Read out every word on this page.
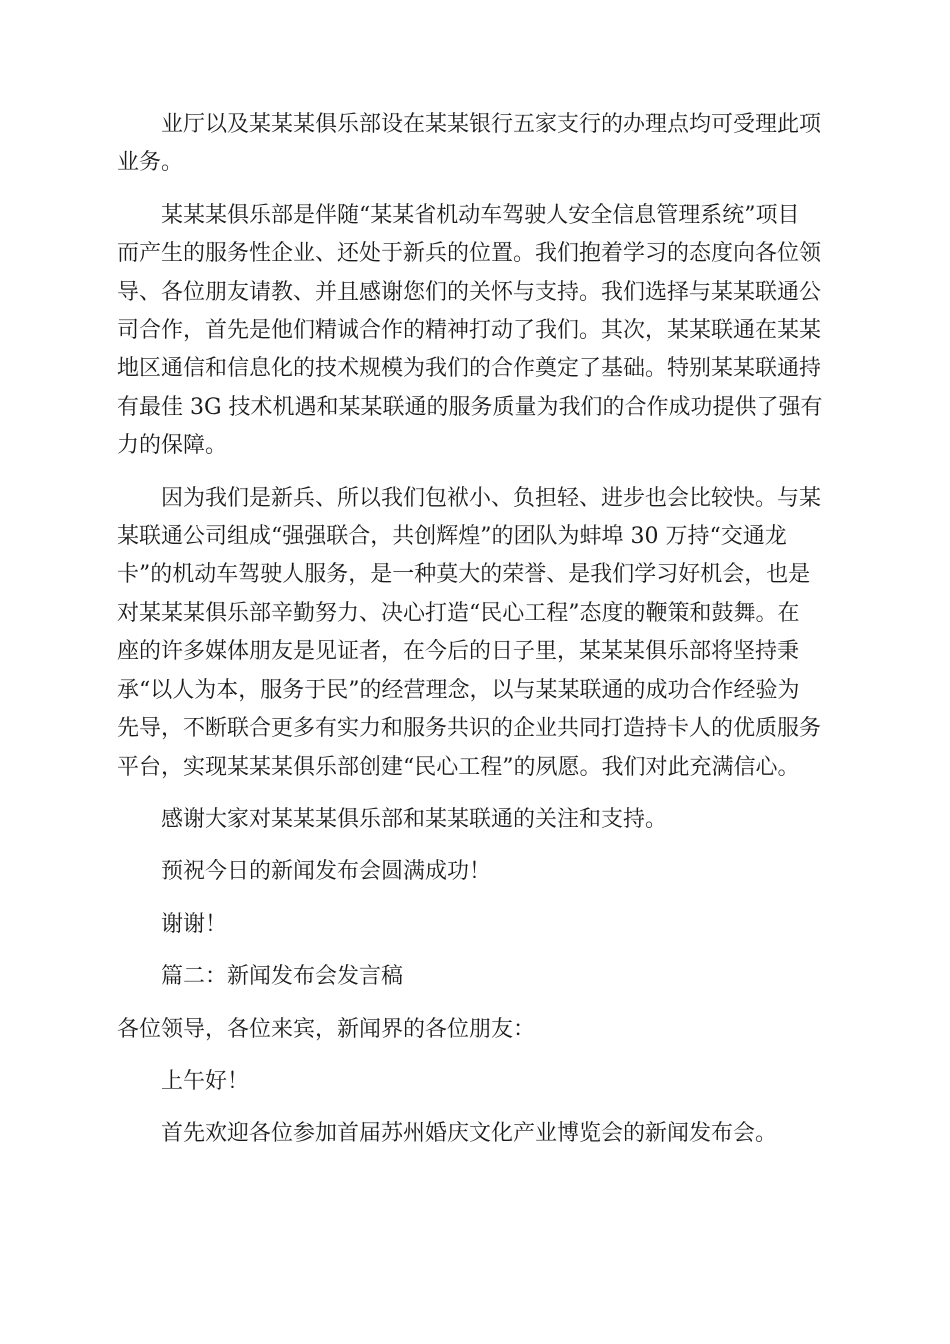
业厅以及某某某俱乐部设在某某银行五家支行的办理点均可受理此项
业务。
某某某俱乐部是伴随“某某省机动车驾驶人安全信息管理系统”项目
而产生的服务性企业、还处于新兵的位置。我们抱着学习的态度向各位领
导、各位朋友请教、并且感谢您们的关怀与支持。我们选择与某某联通公
司合作，首先是他们精诚合作的精神打动了我们。其次，某某联通在某某
地区通信和信息化的技术规模为我们的合作奠定了基础。特别某某联通持
有最佳 3G 技术机遇和某某联通的服务质量为我们的合作成功提供了强有
力的保障。
因为我们是新兵、所以我们包袱小、负担轻、进步也会比较快。与某
某联通公司组成“强强联合，共创辉煌”的团队为蚌埠 30 万持“交通龙
卡”的机动车驾驶人服务，是一种莫大的荣誉、是我们学习好机会，也是
对某某某俱乐部辛勤努力、决心打造“民心工程”态度的鞭策和鼓舞。在
座的许多媒体朋友是见证者，在今后的日子里，某某某俱乐部将坚持秉
承“以人为本，服务于民”的经营理念，以与某某联通的成功合作经验为
先导，不断联合更多有实力和服务共识的企业共同打造持卡人的优质服务
平台，实现某某某俱乐部创建“民心工程”的夙愿。我们对此充满信心。

感谢大家对某某某俱乐部和某某联通的关注和支持。

预祝今日的新闻发布会圆满成功！

谢谢！

篇二：新闻发布会发言稿

各位领导，各位来宾，新闻界的各位朋友：

上午好！

首先欢迎各位参加首届苏州婚庆文化产业博览会的新闻发布会。
